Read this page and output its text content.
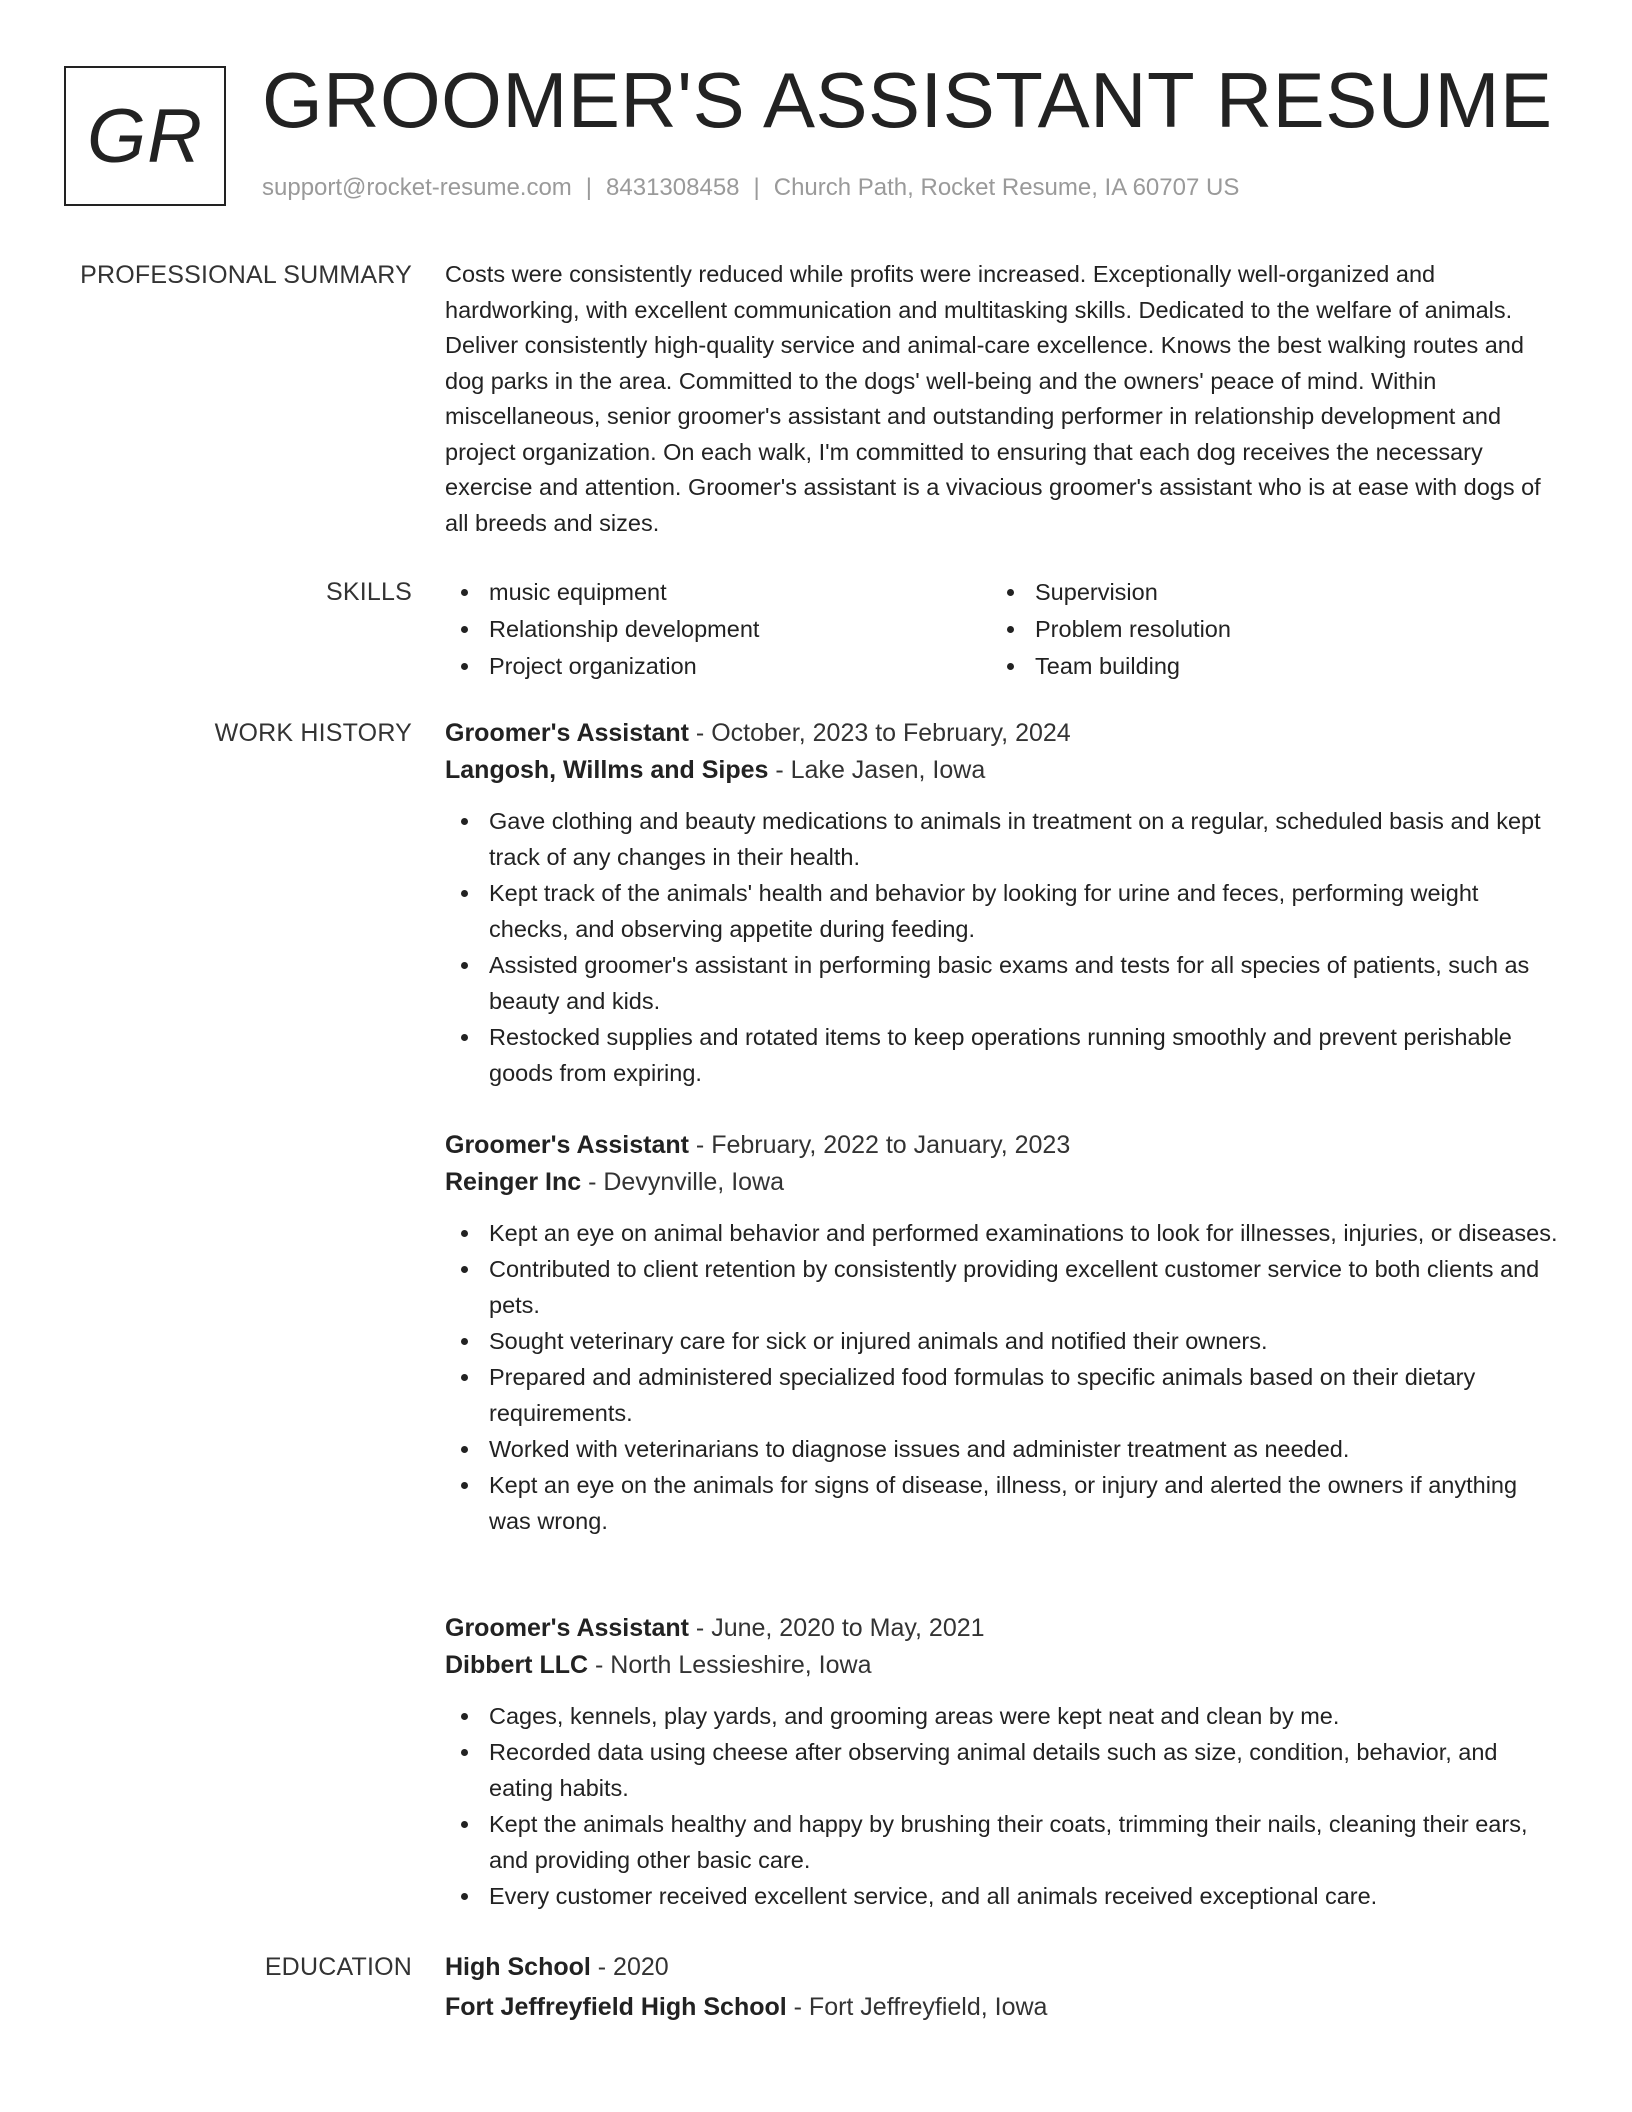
GR GROOMER'S ASSISTANT RESUME
support@rocket-resume.com | 8431308458 | Church Path, Rocket Resume, IA 60707 US
PROFESSIONAL SUMMARY Costs were consistently reduced while profits were increased. Exceptionally well-organized and hardworking, with excellent communication and multitasking skills. Dedicated to the welfare of animals. Deliver consistently high-quality service and animal-care excellence. Knows the best walking routes and dog parks in the area. Committed to the dogs' well-being and the owners' peace of mind. Within miscellaneous, senior groomer's assistant and outstanding performer in relationship development and project organization. On each walk, I'm committed to ensuring that each dog receives the necessary exercise and attention. Groomer's assistant is a vivacious groomer's assistant who is at ease with dogs of all breeds and sizes.

SKILLS	music equipment
Relationship development
Project organization
Supervision
Problem resolution
Team building
WORK HISTORY Groomer's Assistant - October, 2023 to February, 2024
Langosh, Willms and Sipes - Lake Jasen, Iowa
Gave clothing and beauty medications to animals in treatment on a regular, scheduled basis and kept track of any changes in their health.
Kept track of the animals' health and behavior by looking for urine and feces, performing weight checks, and observing appetite during feeding.
Assisted groomer's assistant in performing basic exams and tests for all species of patients, such as beauty and kids.
Restocked supplies and rotated items to keep operations running smoothly and prevent perishable goods from expiring.
Groomer's Assistant - February, 2022 to January, 2023
Reinger Inc - Devynville, Iowa
Kept an eye on animal behavior and performed examinations to look for illnesses, injuries, or diseases.
Contributed to client retention by consistently providing excellent customer service to both clients and pets.
Sought veterinary care for sick or injured animals and notified their owners.
Prepared and administered specialized food formulas to specific animals based on their dietary requirements.
Worked with veterinarians to diagnose issues and administer treatment as needed.
Kept an eye on the animals for signs of disease, illness, or injury and alerted the owners if anything was wrong.
Groomer's Assistant - June, 2020 to May, 2021
Dibbert LLC - North Lessieshire, Iowa
Cages, kennels, play yards, and grooming areas were kept neat and clean by me.
Recorded data using cheese after observing animal details such as size, condition, behavior, and eating habits.
Kept the animals healthy and happy by brushing their coats, trimming their nails, cleaning their ears, and providing other basic care.
Every customer received excellent service, and all animals received exceptional care.
EDUCATION High School - 2020
Fort Jeffreyfield High School - Fort Jeffreyfield, Iowa
